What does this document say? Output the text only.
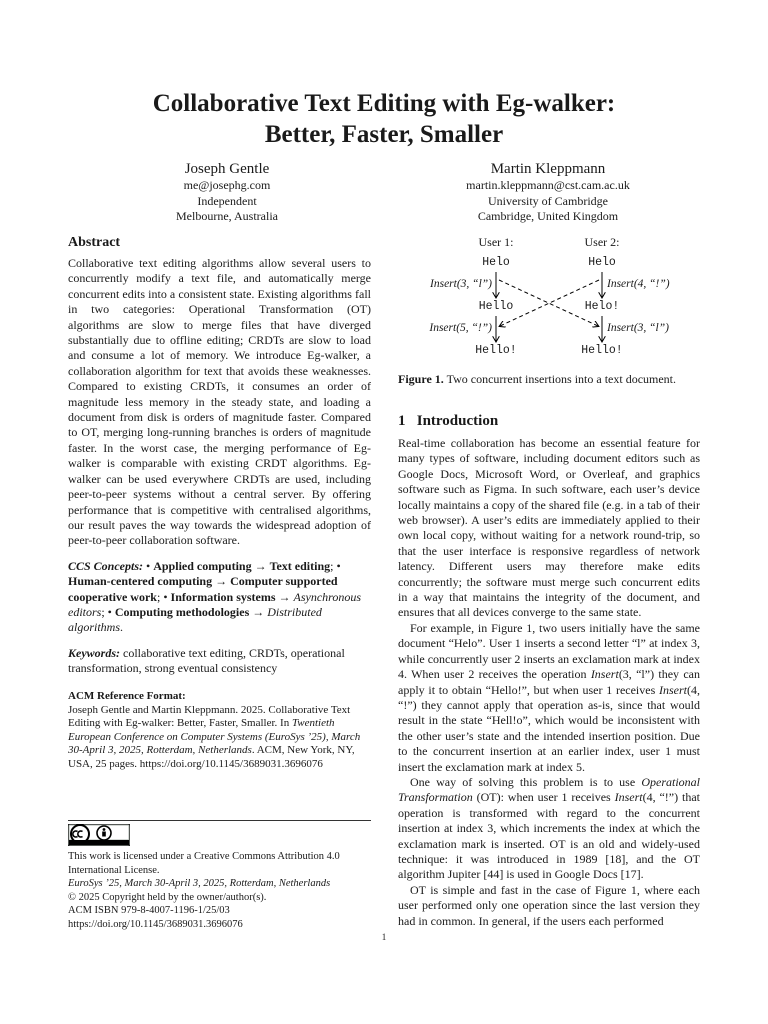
Collaborative Text Editing with Eg-walker:
Better, Faster, Smaller
Joseph Gentle
me@josephg.com
Independent
Melbourne, Australia
Martin Kleppmann
martin.kleppmann@cst.cam.ac.uk
University of Cambridge
Cambridge, United Kingdom
Abstract

Collaborative text editing algorithms allow several users to concurrently modify a text file, and automatically merge concurrent edits into a consistent state. Existing algorithms fall in two categories: Operational Transformation (OT) algorithms are slow to merge files that have diverged substantially due to offline editing; CRDTs are slow to load and consume a lot of memory. We introduce Eg-walker, a collaboration algorithm for text that avoids these weaknesses. Compared to existing CRDTs, it consumes an order of magnitude less memory in the steady state, and loading a document from disk is orders of magnitude faster. Compared to OT, merging long-running branches is orders of magnitude faster. In the worst case, the merging performance of Eg-walker is comparable with existing CRDT algorithms. Eg-walker can be used everywhere CRDTs are used, including peer-to-peer systems without a central server. By offering performance that is competitive with centralised algorithms, our result paves the way towards the widespread adoption of peer-to-peer collaboration software.

CCS Concepts: • Applied computing → Text editing; • Human-centered computing → Computer supported cooperative work; • Information systems → Asynchronous editors; • Computing methodologies → Distributed algorithms.

Keywords: collaborative text editing, CRDTs, operational transformation, strong eventual consistency

ACM Reference Format:

Joseph Gentle and Martin Kleppmann. 2025. Collaborative Text Editing with Eg-walker: Better, Faster, Smaller. In Twentieth European Conference on Computer Systems (EuroSys ’25), March 30-April 3, 2025, Rotterdam, Netherlands. ACM, New York, NY, USA, 25 pages. https://doi.org/10.1145/3689031.3696076

This work is licensed under a Creative Commons Attribution 4.0 International License.
EuroSys ’25, March 30-April 3, 2025, Rotterdam, Netherlands
© 2025 Copyright held by the owner/author(s).
ACM ISBN 979-8-4007-1196-1/25/03
https://doi.org/10.1145/3689031.3696076
User 1:	User 2:
Helo	Helo
Hello	Helo!
Hello!	Hello!
Insert(3, “l”)	Insert(4, “!”)
Insert(5, “!”)	Insert(3, “l”)
Figure 1. Two concurrent insertions into a text document.
1 Introduction

Real-time collaboration has become an essential feature for many types of software, including document editors such as Google Docs, Microsoft Word, or Overleaf, and graphics software such as Figma. In such software, each user’s device locally maintains a copy of the shared file (e.g. in a tab of their web browser). A user’s edits are immediately applied to their own local copy, without waiting for a network round-trip, so that the user interface is responsive regardless of network latency. Different users may therefore make edits concurrently; the software must merge such concurrent edits in a way that maintains the integrity of the document, and ensures that all devices converge to the same state.

For example, in Figure 1, two users initially have the same document “Helo”. User 1 inserts a second letter “l” at index 3, while concurrently user 2 inserts an exclamation mark at index 4. When user 2 receives the operation Insert(3, “l”) they can apply it to obtain “Hello!”, but when user 1 receives Insert(4, “!”) they cannot apply that operation as-is, since that would result in the state “Hell!o”, which would be inconsistent with the other user’s state and the intended insertion position. Due to the concurrent insertion at an earlier index, user 1 must insert the exclamation mark at index 5.

One way of solving this problem is to use Operational Transformation (OT): when user 1 receives Insert(4, “!”) that operation is transformed with regard to the concurrent insertion at index 3, which increments the index at which the exclamation mark is inserted. OT is an old and widely-used technique: it was introduced in 1989 [18], and the OT algorithm Jupiter [44] is used in Google Docs [17].

OT is simple and fast in the case of Figure 1, where each user performed only one operation since the last version they had in common. In general, if the users each performed

1
